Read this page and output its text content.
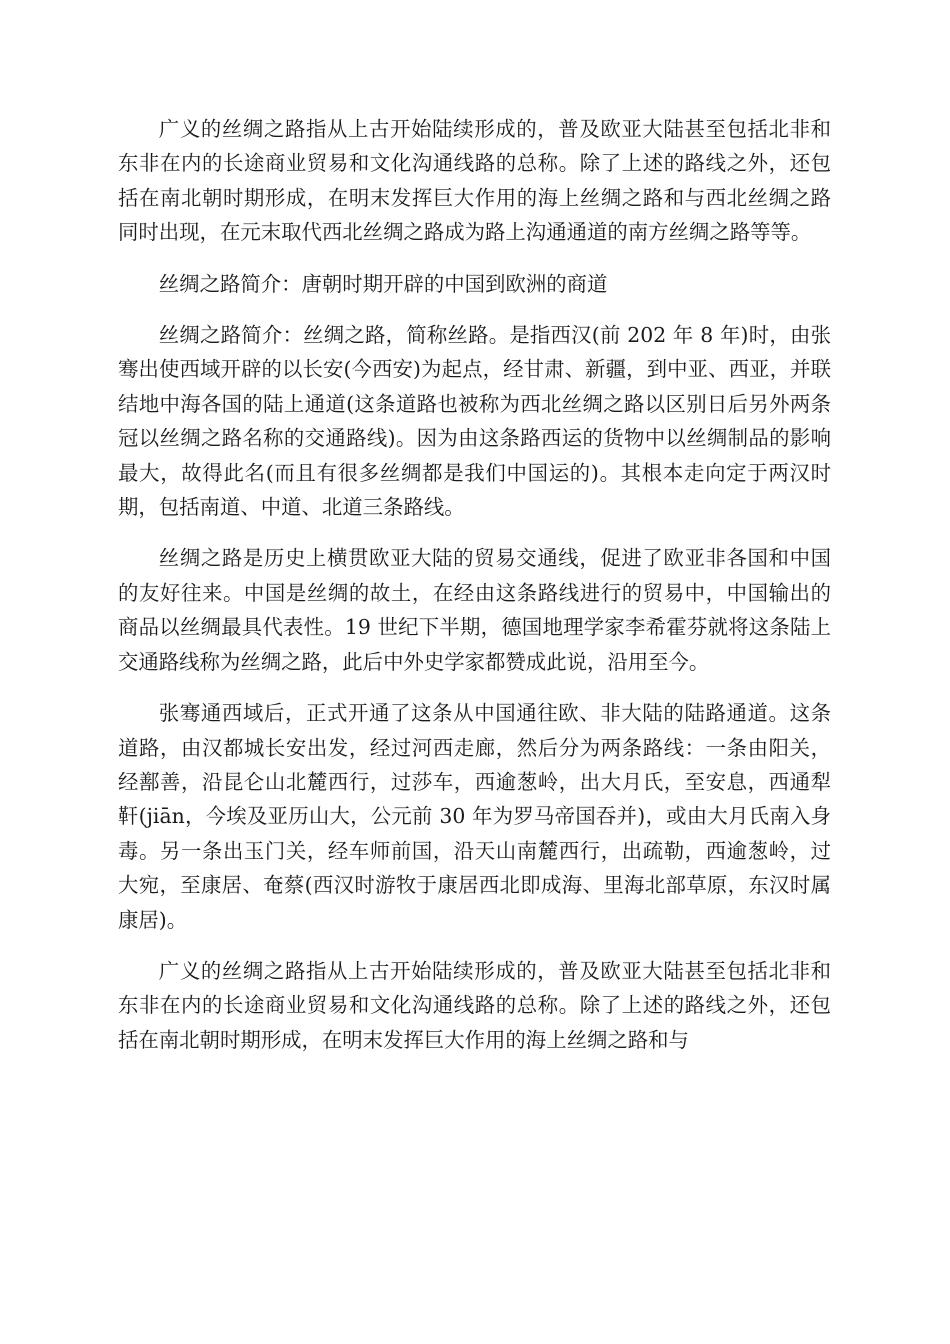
广义的丝绸之路指从上古开始陆续形成的，普及欧亚大陆甚至包括北非和东非在内的长途商业贸易和文化沟通线路的总称。除了上述的路线之外，还包括在南北朝时期形成，在明末发挥巨大作用的海上丝绸之路和与西北丝绸之路同时出现，在元末取代西北丝绸之路成为路上沟通通道的南方丝绸之路等等。

丝绸之路简介：唐朝时期开辟的中国到欧洲的商道

丝绸之路简介：丝绸之路，简称丝路。是指西汉(前 202 年 8 年)时，由张骞出使西域开辟的以长安(今西安)为起点，经甘肃、新疆，到中亚、西亚，并联结地中海各国的陆上通道(这条道路也被称为西北丝绸之路以区别日后另外两条冠以丝绸之路名称的交通路线)。因为由这条路西运的货物中以丝绸制品的影响最大，故得此名(而且有很多丝绸都是我们中国运的)。其根本走向定于两汉时期，包括南道、中道、北道三条路线。

丝绸之路是历史上横贯欧亚大陆的贸易交通线，促进了欧亚非各国和中国的友好往来。中国是丝绸的故土，在经由这条路线进行的贸易中，中国输出的商品以丝绸最具代表性。19 世纪下半期，德国地理学家李希霍芬就将这条陆上交通路线称为丝绸之路，此后中外史学家都赞成此说，沿用至今。

张骞通西域后，正式开通了这条从中国通往欧、非大陆的陆路通道。这条道路，由汉都城长安出发，经过河西走廊，然后分为两条路线：一条由阳关，经鄯善，沿昆仑山北麓西行，过莎车，西逾葱岭，出大月氏，至安息，西通犁靬(jiān，今埃及亚历山大，公元前 30 年为罗马帝国吞并)，或由大月氏南入身毒。另一条出玉门关，经车师前国，沿天山南麓西行，出疏勒，西逾葱岭，过大宛，至康居、奄蔡(西汉时游牧于康居西北即成海、里海北部草原，东汉时属康居)。

广义的丝绸之路指从上古开始陆续形成的，普及欧亚大陆甚至包括北非和东非在内的长途商业贸易和文化沟通线路的总称。除了上述的路线之外，还包括在南北朝时期形成，在明末发挥巨大作用的海上丝绸之路和与
